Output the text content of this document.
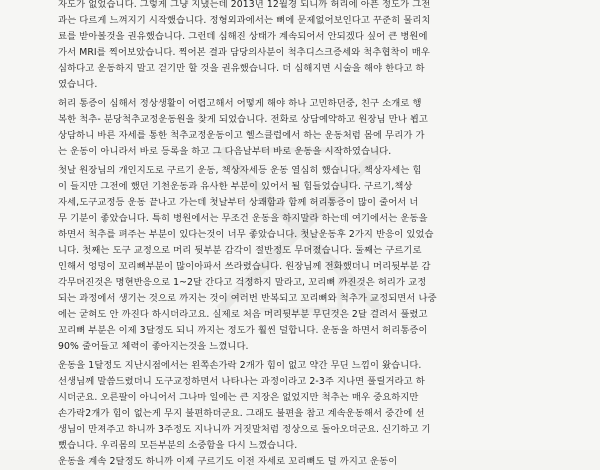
자도가 없었습니다. 그렇게 그냥 지냈는데 2013년 12월경 되니까 허리에 아픈 정도가 그전
과는 다르게 느껴지기 시작했습니다. 정형외과에서는 뼈에 문제없어보인다고 꾸준히 물리치
료를 받아볼것을 권유했습니다. 그런데 심해진 상태가 계속되어서 안되겠다 싶어 큰 병원에
가서 MRI를 찍어보았습니다. 찍어본 결과 담당의사분이 척추디스크증세와 척추협착이 매우
심하다고 운동하지 말고 걷기만 할 것을 권유했습니다. 더 심해지면 시술을 해야 한다고 하
였습니다.
허리 통증이 심해서 정상생활이 어렵고해서 어떻게 해야 하나 고민하던중, 친구 소개로 행
복한 척추- 분당척추교정운동원을 찾게 되었습니다. 전화로 상담예약하고 원장님 만나 뵙고
상담하니 바른 자세를 통한 척추교정운동이고 헬스클럽에서 하는 운동처럼 몸에 무리가 가
는 운동이 아니라서 바로 등록을 하고 그 다음날부터 바로 운동을 시작하였습니다.
첫날 원장님의 개인지도로 구르기 운동, 책상자세등 운동 열심히 했습니다. 책상자세는 힘
이 들지만 그전에 했던 기천운동과 유사한 부분이 있어서 될 힘들었습니다. 구르기,책상
자세,도구교정등 운동 끝나고 가는데 첫날부터 상쾌함과 함께 허리통증이 많이 줄어서 너
무 기분이 좋았습니다. 특히 병원에서는 무조건 운동을 하지말라 하는데 여기에서는 운동을
하면서 척추를 펴주는 부분이 있다는것이 너무 좋았습니다. 첫날운동후 2가지 반응이 있었습
니다. 첫째는 도구 교정으로 머리 뒷부분 감각이 절반정도 무뎌졌습니다. 둘째는 구르기로
인해서 엉덩이 꼬리뼈부분이 많이아파서 쓰라렸습니다. 원장님께 전화했더니 머리뒷부분 감
각무뎌진것은 명현반응으로 1~2달 간다고 걱정하지 말라고, 꼬리뼈 까진것은 허리가 교정
되는 과정에서 생기는 것으로 까지는 것이 여러번 반복되고 꼬리뼈와 척추가 교정되면서 나중
에는 굳혀도 안 까진다 하시더라고요. 실제로 처음 머리뒷부분 무딘것은 2달 걸려서 풀렸고
꼬리뼈 부분은 이제 3달정도 되니 까지는 정도가 훨씬 덜합니다. 운동을 하면서 허리통증이
90% 줄어들고 체력이 좋아지는것을 느꼈니다.
운동을 1달정도 지난시점에서는 왼쪽손가락 2개가 힘이 없고 약간 무딘 느낌이 왔습니다.
선생님께 말씀드렸더니 도구교정하면서 나타나는 과정이라고 2-3주 지나면 풀릴거라고 하
시더군요. 오른팔이 아니어서 그나마 일에는 큰 지장은 없었지만 척추는 매우 중요하지만
손가락2개가 힘이 없는게 무지 불편하더군요. 그래도 불편을 참고 계속운동해서 중간에 선
생님이 만져주고 하니까 3주정도 지나니까 거짓말처럼 정상으로 돌아오더군요. 신기하고 기
뻤습니다. 우리몸의 모든부분의 소중함을 다시 느꼈습니다.
운동을 계속 2달정도 하니까 이제 구르기도 이전 자세로 꼬리뼈도 덜 까지고 운동이
